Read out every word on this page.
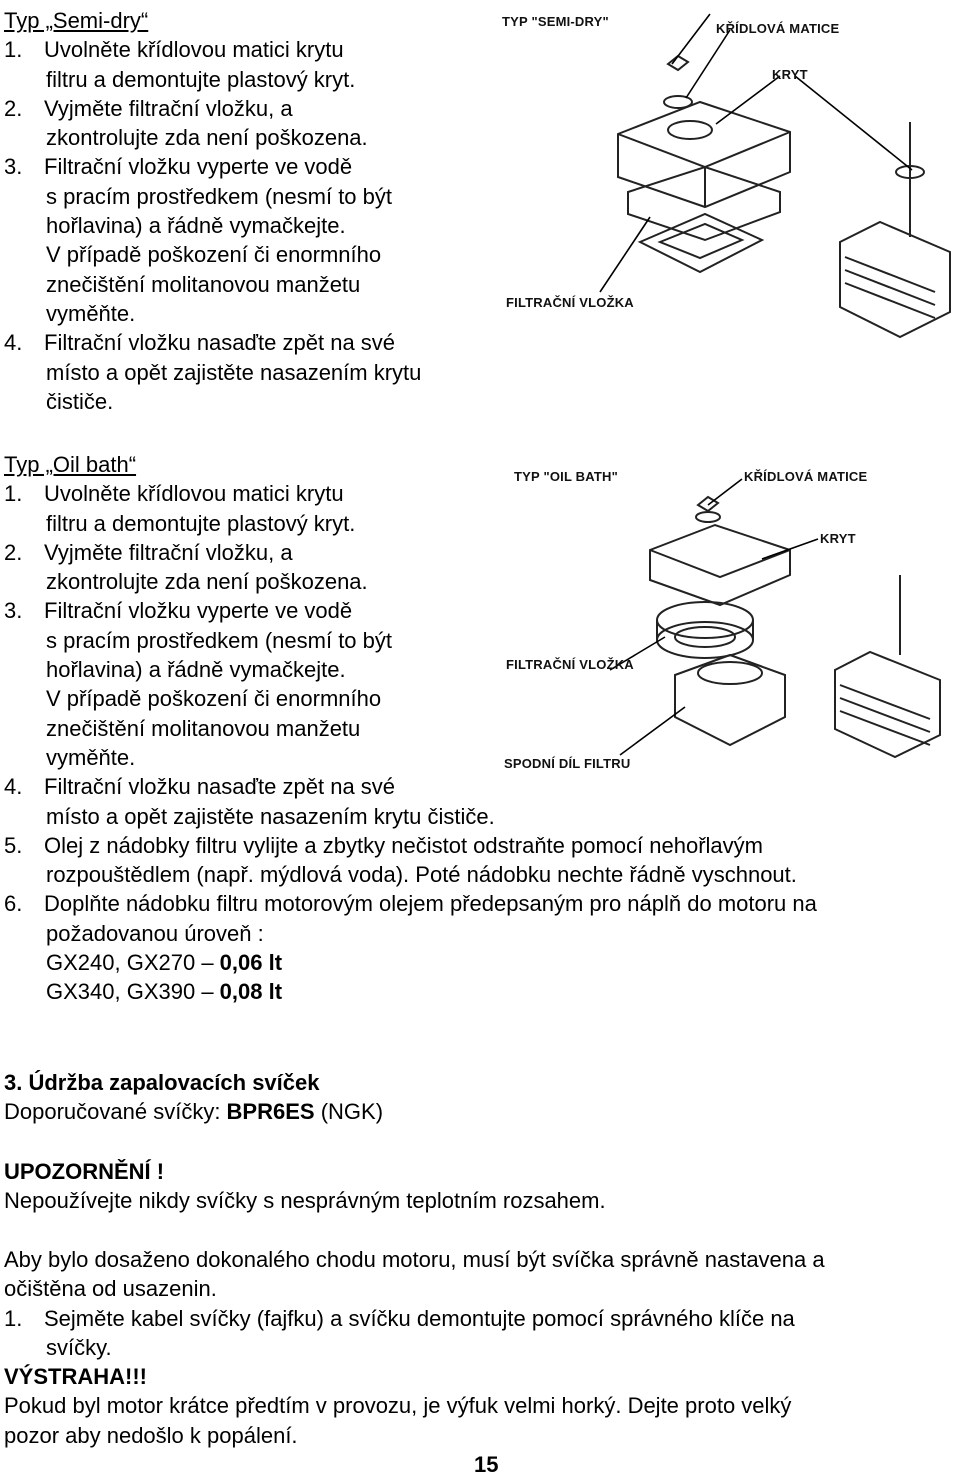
Typ „Semi-dry“
1. Uvolněte křídlovou matici krytu
filtru a demontujte plastový kryt.
2. Vyjměte filtrační vložku, a
zkontrolujte zda není poškozena.
3. Filtrační vložku vyperte ve vodě
s pracím prostředkem (nesmí to být
hořlavina) a řádně vymačkejte.
V případě poškození či enormního
znečištění molitanovou manžetu
vyměňte.
4. Filtrační vložku nasaďte zpět na své
místo a opět zajistěte nasazením krytu
čističe.
TYP "SEMI-DRY"	KŘÍDLOVÁ MATICE
KRYT
FILTRAČNÍ VLOŽKA
Typ „Oil bath“
1. Uvolněte křídlovou matici krytu
filtru a demontujte plastový kryt.
2. Vyjměte filtrační vložku, a
zkontrolujte zda není poškozena.
3. Filtrační vložku vyperte ve vodě
s pracím prostředkem (nesmí to být
hořlavina) a řádně vymačkejte.
V případě poškození či enormního
znečištění molitanovou manžetu
vyměňte.
4. Filtrační vložku nasaďte zpět na své
místo a opět zajistěte nasazením krytu čističe.
5. Olej z nádobky filtru vylijte a zbytky nečistot odstraňte pomocí nehořlavým
rozpouštědlem (např. mýdlová voda). Poté nádobku nechte řádně vyschnout.
6. Doplňte nádobku filtru motorovým olejem předepsaným pro náplň do motoru na
požadovanou úroveň :
GX240, GX270 – 0,06 lt
GX340, GX390 – 0,08 lt
TYP "OIL BATH"	KŘÍDLOVÁ MATICE
KRYT
FILTRAČNÍ VLOŽKA
SPODNÍ DÍL FILTRU
3. Údržba zapalovacích svíček
Doporučované svíčky: BPR6ES (NGK)
UPOZORNĚNÍ !
Nepoužívejte nikdy svíčky s nesprávným teplotním rozsahem.
Aby bylo dosaženo dokonalého chodu motoru, musí být svíčka správně nastavena a
očištěna od usazenin.
1. Sejměte kabel svíčky (fajfku) a svíčku demontujte pomocí správného klíče na
svíčky.
VÝSTRAHA!!!
Pokud byl motor krátce předtím v provozu, je výfuk velmi horký. Dejte proto velký
pozor aby nedošlo k popálení.
15
